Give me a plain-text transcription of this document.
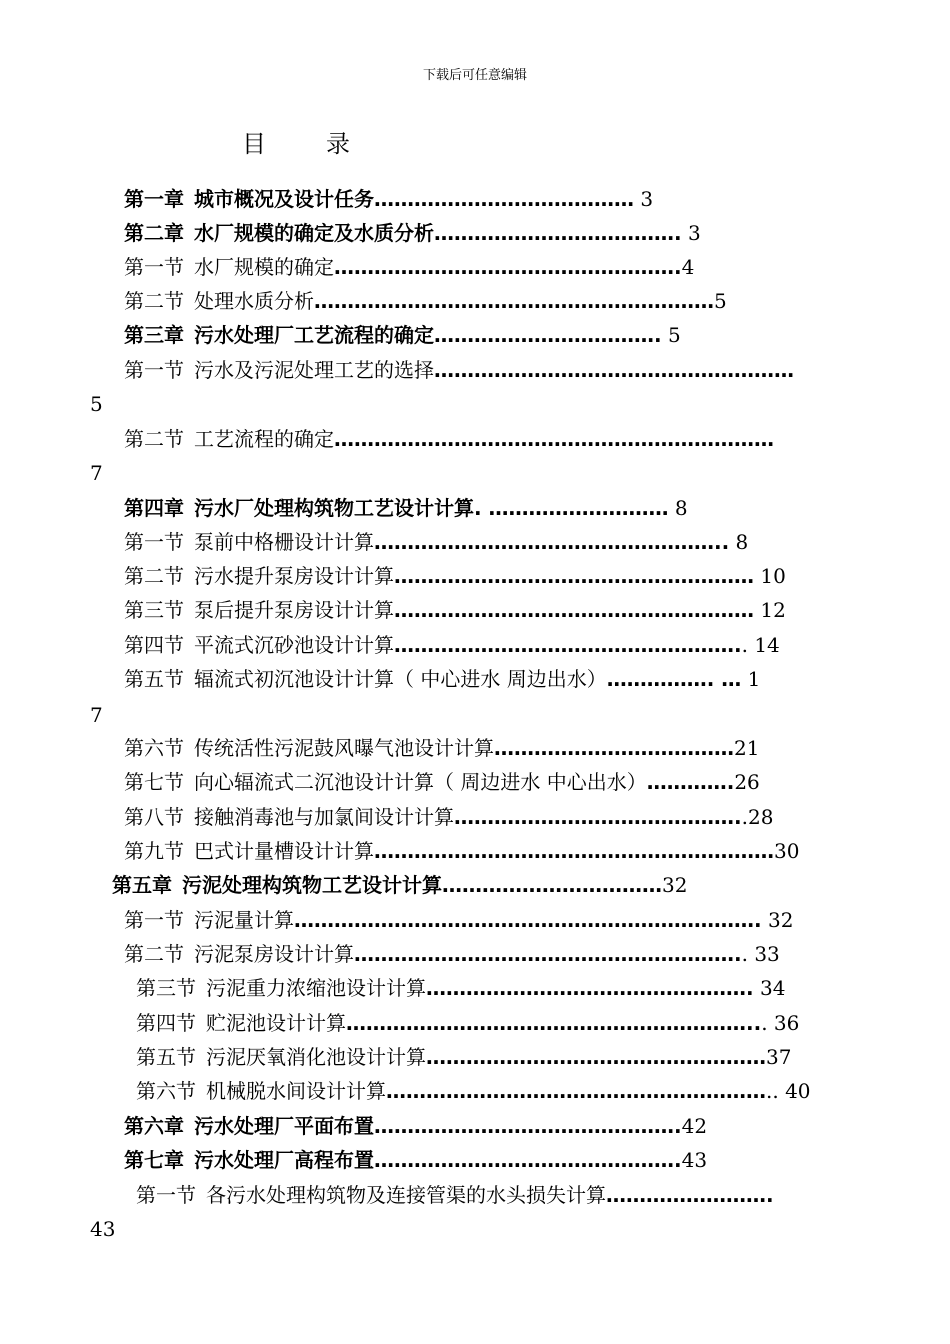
下载后可任意编辑
目	录
第一章 城市概况及设计任务………………………………… 3
第二章 水厂规模的确定及水质分析………………………………. 3
第一节 水厂规模的确定…………………………………………….4
第二节 处理水质分析……………………………………………………5
第三章 污水处理厂工艺流程的确定……………………………. 5
第一节 污水及污泥处理工艺的选择………………………………………………
5
第二节 工艺流程的确定…………………………………………………………
7
第四章 污水厂处理构筑物工艺设计计算. ……………………… 8
第一节 泵前中格栅设计计算…………………………………………….. 8
第二节 污水提升泵房设计计算……………………………………………… 10
第三节 泵后提升泵房设计计算……………………………………………… 12
第四节 平流式沉砂池设计计算…………………………………………….. 14
第五节 辐流式初沉池设计计算（ 中心进水 周边出水）……………. … 1
7
第六节 传统活性污泥鼓风曝气池设计计算………………………………21
第七节 向心辐流式二沉池设计计算（ 周边进水 中心出水）………….26
第八节 接触消毒池与加氯间设计计算……………………………………..28
第九节 巴式计量槽设计计算……………………………………………………30
第五章 污泥处理构筑物工艺设计计算……………………………32
第一节 污泥量计算……………………………………………………………. 32
第二节 污泥泵房设计计算………………………………………………….. 33
第三节 污泥重力浓缩池设计计算…………………………………………. 34
第四节 贮泥池设计计算……………………………………………………... 36
第五节 污泥厌氧消化池设计计算……………………………………………37
第六节 机械脱水间设计计算………………………………………………….. 40
第六章 污水处理厂平面布置……………………………………….42
第七章 污水处理厂高程布置……………………………………….43
第一节 各污水处理构筑物及连接管渠的水头损失计算…………………….
43
